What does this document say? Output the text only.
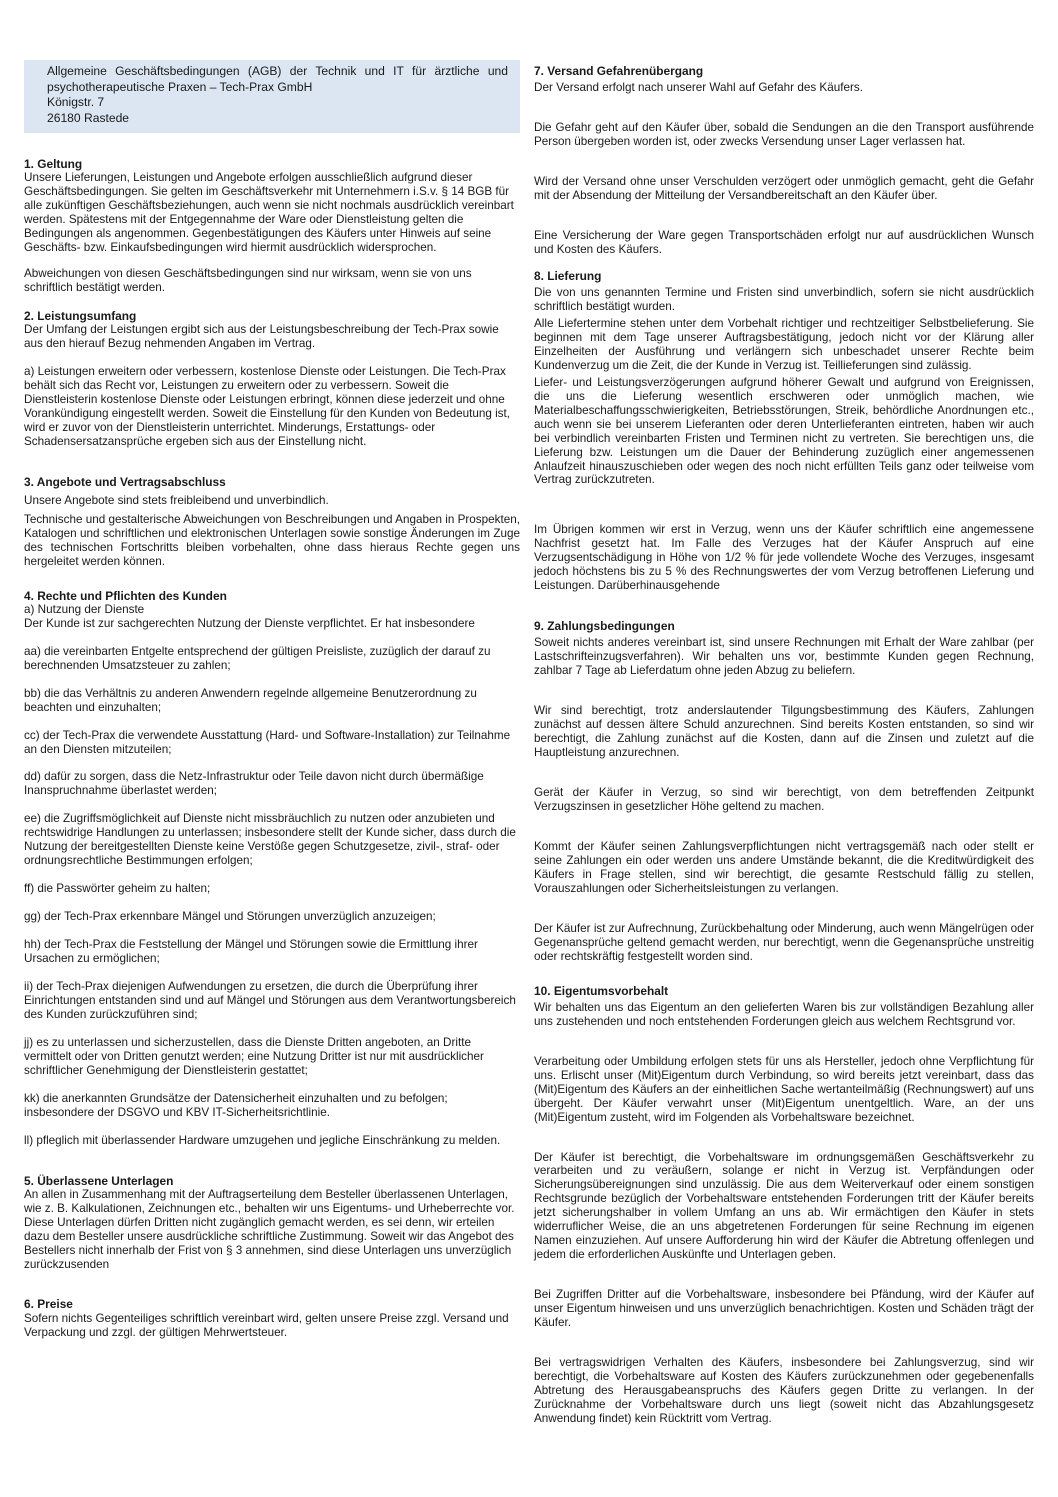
Allgemeine Geschäftsbedingungen (AGB) der Technik und IT für ärztliche und
psychotherapeutische Praxen – Tech-Prax GmbH
Königstr. 7
26180 Rastede
1. Geltung

Unsere Lieferungen, Leistungen und Angebote erfolgen ausschließlich aufgrund dieser Geschäftsbedingungen. Sie gelten im Geschäftsverkehr mit Unternehmern i.S.v. § 14 BGB für alle zukünftigen Geschäftsbeziehungen, auch wenn sie nicht nochmals ausdrücklich vereinbart werden. Spätestens mit der Entgegennahme der Ware oder Dienstleistung gelten die Bedingungen als angenommen. Gegenbestätigungen des Käufers unter Hinweis auf seine Geschäfts- bzw. Einkaufsbedingungen wird hiermit ausdrücklich widersprochen.

Abweichungen von diesen Geschäftsbedingungen sind nur wirksam, wenn sie von uns schriftlich bestätigt werden.

2. Leistungsumfang

Der Umfang der Leistungen ergibt sich aus der Leistungsbeschreibung der Tech-Prax sowie aus den hierauf Bezug nehmenden Angaben im Vertrag.

a) Leistungen erweitern oder verbessern, kostenlose Dienste oder Leistungen. Die Tech-Prax behält sich das Recht vor, Leistungen zu erweitern oder zu verbessern. Soweit die Dienstleisterin kostenlose Dienste oder Leistungen erbringt, können diese jederzeit und ohne Vorankündigung eingestellt werden. Soweit die Einstellung für den Kunden von Bedeutung ist, wird er zuvor von der Dienstleisterin unterrichtet. Minderungs, Erstattungs- oder Schadensersatzansprüche ergeben sich aus der Einstellung nicht.

3. Angebote und Vertragsabschluss

Unsere Angebote sind stets freibleibend und unverbindlich.

Technische und gestalterische Abweichungen von Beschreibungen und Angaben in Prospekten, Katalogen und schriftlichen und elektronischen Unterlagen sowie sonstige Änderungen im Zuge des technischen Fortschritts bleiben vorbehalten, ohne dass hieraus Rechte gegen uns hergeleitet werden können.

4. Rechte und Pflichten des Kunden

a) Nutzung der Dienste

Der Kunde ist zur sachgerechten Nutzung der Dienste verpflichtet. Er hat insbesondere

aa) die vereinbarten Entgelte entsprechend der gültigen Preisliste, zuzüglich der darauf zu berechnenden Umsatzsteuer zu zahlen;

bb) die das Verhältnis zu anderen Anwendern regelnde allgemeine Benutzerordnung zu beachten und einzuhalten;

cc) der Tech-Prax die verwendete Ausstattung (Hard- und Software-Installation) zur Teilnahme an den Diensten mitzuteilen;

dd) dafür zu sorgen, dass die Netz-Infrastruktur oder Teile davon nicht durch übermäßige Inanspruchnahme überlastet werden;

ee) die Zugriffsmöglichkeit auf Dienste nicht missbräuchlich zu nutzen oder anzubieten und rechtswidrige Handlungen zu unterlassen; insbesondere stellt der Kunde sicher, dass durch die Nutzung der bereitgestellten Dienste keine Verstöße gegen Schutzgesetze, zivil-, straf- oder ordnungsrechtliche Bestimmungen erfolgen;

ff) die Passwörter geheim zu halten;

gg) der Tech-Prax erkennbare Mängel und Störungen unverzüglich anzuzeigen;

hh) der Tech-Prax die Feststellung der Mängel und Störungen sowie die Ermittlung ihrer Ursachen zu ermöglichen;

ii) der Tech-Prax diejenigen Aufwendungen zu ersetzen, die durch die Überprüfung ihrer Einrichtungen entstanden sind und auf Mängel und Störungen aus dem Verantwortungsbereich des Kunden zurückzuführen sind;

jj) es zu unterlassen und sicherzustellen, dass die Dienste Dritten angeboten, an Dritte vermittelt oder von Dritten genutzt werden; eine Nutzung Dritter ist nur mit ausdrücklicher schriftlicher Genehmigung der Dienstleisterin gestattet;

kk) die anerkannten Grundsätze der Datensicherheit einzuhalten und zu befolgen; insbesondere der DSGVO und KBV IT-Sicherheitsrichtlinie.

ll) pfleglich mit überlassender Hardware umzugehen und jegliche Einschränkung zu melden.

5. Überlassene Unterlagen

An allen in Zusammenhang mit der Auftragserteilung dem Besteller überlassenen Unterlagen, wie z. B. Kalkulationen, Zeichnungen etc., behalten wir uns Eigentums- und Urheberrechte vor. Diese Unterlagen dürfen Dritten nicht zugänglich gemacht werden, es sei denn, wir erteilen dazu dem Besteller unsere ausdrückliche schriftliche Zustimmung. Soweit wir das Angebot des Bestellers nicht innerhalb der Frist von § 3 annehmen, sind diese Unterlagen uns unverzüglich zurückzusenden

6. Preise

Sofern nichts Gegenteiliges schriftlich vereinbart wird, gelten unsere Preise zzgl. Versand und Verpackung und zzgl. der gültigen Mehrwertsteuer.

7. Versand Gefahrenübergang

Der Versand erfolgt nach unserer Wahl auf Gefahr des Käufers.

Die Gefahr geht auf den Käufer über, sobald die Sendungen an die den Transport ausführende Person übergeben worden ist, oder zwecks Versendung unser Lager verlassen hat.

Wird der Versand ohne unser Verschulden verzögert oder unmöglich gemacht, geht die Gefahr mit der Absendung der Mitteilung der Versandbereitschaft an den Käufer über.

Eine Versicherung der Ware gegen Transportschäden erfolgt nur auf ausdrücklichen Wunsch und Kosten des Käufers.

8. Lieferung

Die von uns genannten Termine und Fristen sind unverbindlich, sofern sie nicht ausdrücklich schriftlich bestätigt wurden.

Alle Liefertermine stehen unter dem Vorbehalt richtiger und rechtzeitiger Selbstbelieferung. Sie beginnen mit dem Tage unserer Auftragsbestätigung, jedoch nicht vor der Klärung aller Einzelheiten der Ausführung und verlängern sich unbeschadet unserer Rechte beim Kundenverzug um die Zeit, die der Kunde in Verzug ist. Teillieferungen sind zulässig.

Liefer- und Leistungsverzögerungen aufgrund höherer Gewalt und aufgrund von Ereignissen, die uns die Lieferung wesentlich erschweren oder unmöglich machen, wie Materialbeschaffungsschwierigkeiten, Betriebsstörungen, Streik, behördliche Anordnungen etc., auch wenn sie bei unserem Lieferanten oder deren Unterlieferanten eintreten, haben wir auch bei verbindlich vereinbarten Fristen und Terminen nicht zu vertreten. Sie berechtigen uns, die Lieferung bzw. Leistungen um die Dauer der Behinderung zuzüglich einer angemessenen Anlaufzeit hinauszuschieben oder wegen des noch nicht erfüllten Teils ganz oder teilweise vom Vertrag zurückzutreten.

Im Übrigen kommen wir erst in Verzug, wenn uns der Käufer schriftlich eine angemessene Nachfrist gesetzt hat. Im Falle des Verzuges hat der Käufer Anspruch auf eine Verzugsentschädigung in Höhe von 1/2 % für jede vollendete Woche des Verzuges, insgesamt jedoch höchstens bis zu 5 % des Rechnungswertes der vom Verzug betroffenen Lieferung und Leistungen. Darüberhinausgehende

9. Zahlungsbedingungen

Soweit nichts anderes vereinbart ist, sind unsere Rechnungen mit Erhalt der Ware zahlbar (per Lastschrifteinzugsverfahren). Wir behalten uns vor, bestimmte Kunden gegen Rechnung, zahlbar 7 Tage ab Lieferdatum ohne jeden Abzug zu beliefern.

Wir sind berechtigt, trotz anderslautender Tilgungsbestimmung des Käufers, Zahlungen zunächst auf dessen ältere Schuld anzurechnen. Sind bereits Kosten entstanden, so sind wir berechtigt, die Zahlung zunächst auf die Kosten, dann auf die Zinsen und zuletzt auf die Hauptleistung anzurechnen.

Gerät der Käufer in Verzug, so sind wir berechtigt, von dem betreffenden Zeitpunkt Verzugszinsen in gesetzlicher Höhe geltend zu machen.

Kommt der Käufer seinen Zahlungsverpflichtungen nicht vertragsgemäß nach oder stellt er seine Zahlungen ein oder werden uns andere Umstände bekannt, die die Kreditwürdigkeit des Käufers in Frage stellen, sind wir berechtigt, die gesamte Restschuld fällig zu stellen, Vorauszahlungen oder Sicherheitsleistungen zu verlangen.

Der Käufer ist zur Aufrechnung, Zurückbehaltung oder Minderung, auch wenn Mängelrügen oder Gegenansprüche geltend gemacht werden, nur berechtigt, wenn die Gegenansprüche unstreitig oder rechtskräftig festgestellt worden sind.

10. Eigentumsvorbehalt

Wir behalten uns das Eigentum an den gelieferten Waren bis zur vollständigen Bezahlung aller uns zustehenden und noch entstehenden Forderungen gleich aus welchem Rechtsgrund vor.

Verarbeitung oder Umbildung erfolgen stets für uns als Hersteller, jedoch ohne Verpflichtung für uns. Erlischt unser (Mit)Eigentum durch Verbindung, so wird bereits jetzt vereinbart, dass das (Mit)Eigentum des Käufers an der einheitlichen Sache wertanteilmäßig (Rechnungswert) auf uns übergeht. Der Käufer verwahrt unser (Mit)Eigentum unentgeltlich. Ware, an der uns (Mit)Eigentum zusteht, wird im Folgenden als Vorbehaltsware bezeichnet.

Der Käufer ist berechtigt, die Vorbehaltsware im ordnungsgemäßen Geschäftsverkehr zu verarbeiten und zu veräußern, solange er nicht in Verzug ist. Verpfändungen oder Sicherungsübereignungen sind unzulässig. Die aus dem Weiterverkauf oder einem sonstigen Rechtsgrunde bezüglich der Vorbehaltsware entstehenden Forderungen tritt der Käufer bereits jetzt sicherungshalber in vollem Umfang an uns ab. Wir ermächtigen den Käufer in stets widerruflicher Weise, die an uns abgetretenen Forderungen für seine Rechnung im eigenen Namen einzuziehen. Auf unsere Aufforderung hin wird der Käufer die Abtretung offenlegen und jedem die erforderlichen Auskünfte und Unterlagen geben.

Bei Zugriffen Dritter auf die Vorbehaltsware, insbesondere bei Pfändung, wird der Käufer auf unser Eigentum hinweisen und uns unverzüglich benachrichtigen. Kosten und Schäden trägt der Käufer.

Bei vertragswidrigen Verhalten des Käufers, insbesondere bei Zahlungsverzug, sind wir berechtigt, die Vorbehaltsware auf Kosten des Käufers zurückzunehmen oder gegebenenfalls Abtretung des Herausgabeanspruchs des Käufers gegen Dritte zu verlangen. In der Zurücknahme der Vorbehaltsware durch uns liegt (soweit nicht das Abzahlungsgesetz Anwendung findet) kein Rücktritt vom Vertrag.
